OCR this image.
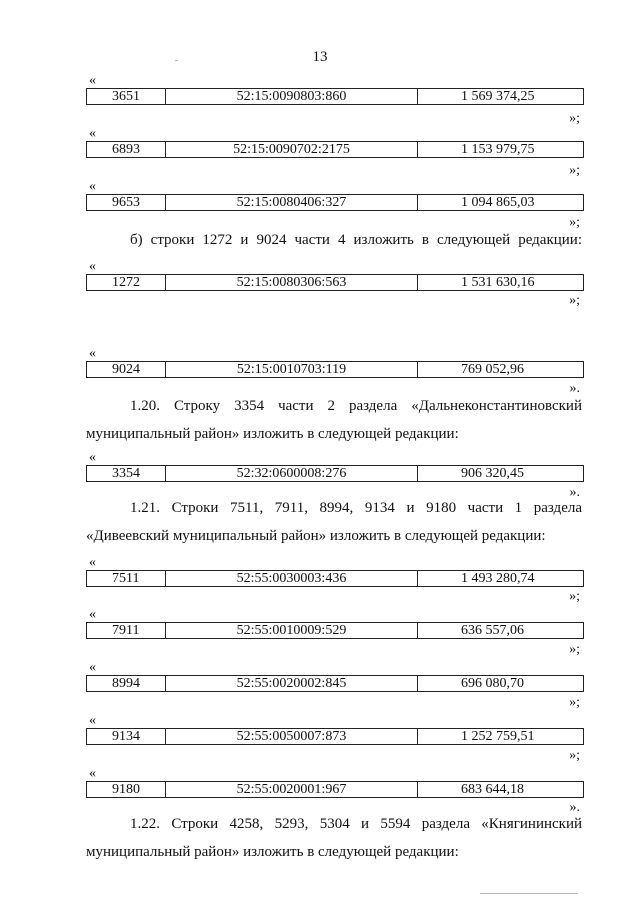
13
«
3651	52:15:0090803:860	1 569 374,25
»;
«
6893	52:15:0090702:2175	1 153 979,75
»;
«
9653	52:15:0080406:327	1 094 865,03
»;
«
1272	52:15:0080306:563	1 531 630,16
»;
«
9024	52:15:0010703:119	769 052,96
».
«
3354	52:32:0600008:276	906 320,45
».
«
7511	52:55:0030003:436	1 493 280,74
»;
«
7911	52:55:0010009:529	636 557,06
»;
«
8994	52:55:0020002:845	696 080,70
»;
«
9134	52:55:0050007:873	1 252 759,51
»;
«
9180	52:55:0020001:967	683 644,18
».

б) строки 1272 и 9024 части 4 изложить в следующей редакции:

1.20. Строку 3354 части 2 раздела «Дальнеконстантиновский

муниципальный район» изложить в следующей редакции:

1.21. Строки 7511, 7911, 8994, 9134 и 9180 части 1 раздела

«Дивеевский муниципальный район» изложить в следующей редакции:

1.22. Строки 4258, 5293, 5304 и 5594 раздела «Княгининский

муниципальный район» изложить в следующей редакции:
